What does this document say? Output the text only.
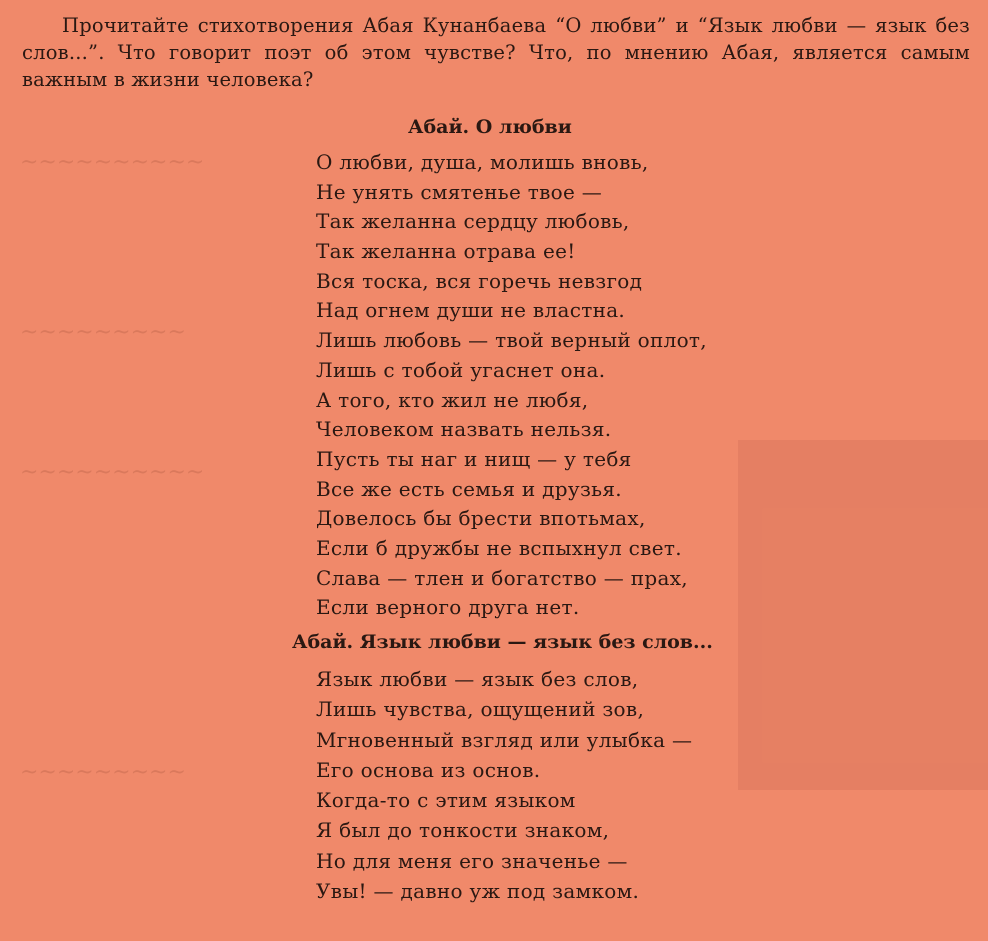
~~~~~~~~~~
~~~~~~~~~
~~~~~~~~~~
~~~~~~~~~

Прочитайте стихотворения Абая Кунанбаева “О любви” и “Язык любви — язык без слов...”. Что говорит поэт об этом чувстве? Что, по мнению Абая, является самым важным в жизни человека?

Абай. О любви
О любви, душа, молишь вновь,
Не унять смятенье твое —
Так желанна сердцу любовь,
Так желанна отрава ее!
Вся тоска, вся горечь невзгод
Над огнем души не властна.
Лишь любовь — твой верный оплот,
Лишь с тобой угаснет она.
А того, кто жил не любя,
Человеком назвать нельзя.
Пусть ты наг и нищ — у тебя
Все же есть семья и друзья.
Довелось бы брести впотьмах,
Если б дружбы не вспыхнул свет.
Слава — тлен и богатство — прах,
Если верного друга нет.
Абай. Язык любви — язык без слов...
Язык любви — язык без слов,
Лишь чувства, ощущений зов,
Мгновенный взгляд или улыбка —
Его основа из основ.
Когда-то с этим языком
Я был до тонкости знаком,
Но для меня его значенье —
Увы! — давно уж под замком.
